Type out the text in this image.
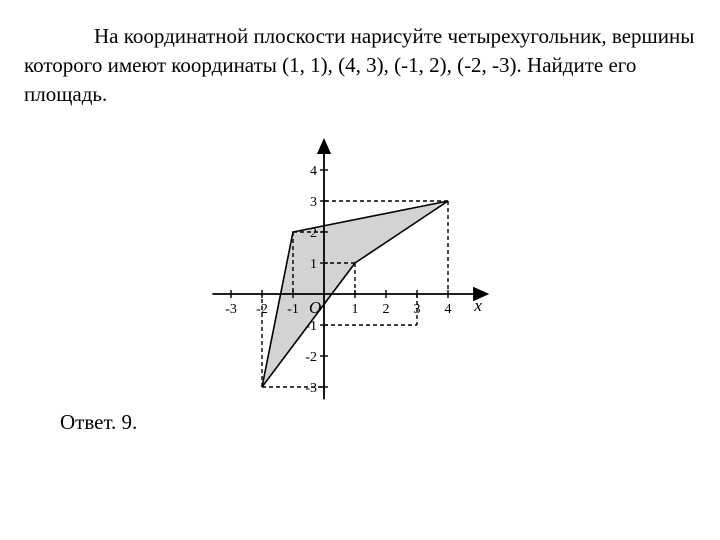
На координатной плоскости нарисуйте четырехугольник, вершины которого имеют координаты (1, 1), (4, 3), (-1, 2), (-2, -3). Найдите его площадь.
-3 -2 -1	1 2 3 4
-3
-2
-1
1
2
3
4
O	x
Ответ. 9.
